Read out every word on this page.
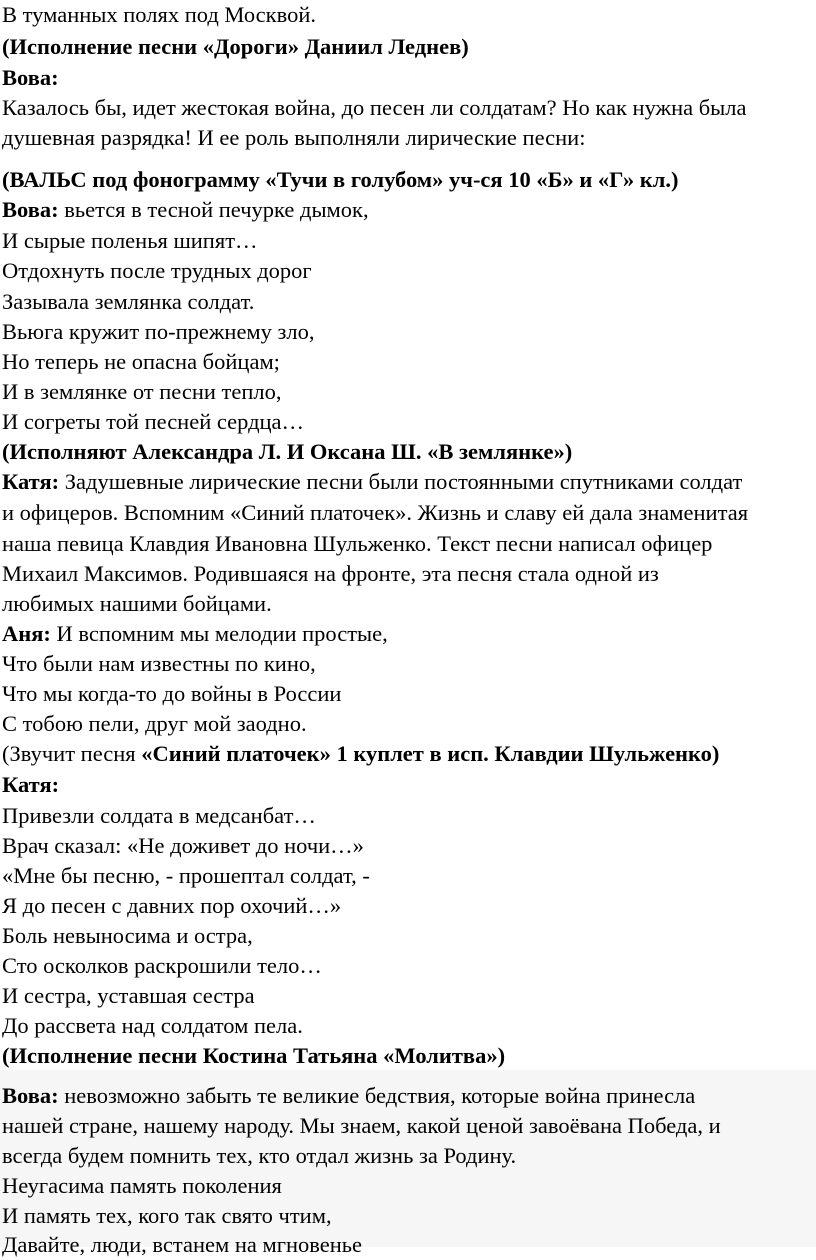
В туманных полях под Москвой.
(Исполнение песни «Дороги» Даниил Леднев)
Вова:
Казалось бы, идет жестокая война, до песен ли солдатам? Но как нужна была
душевная разрядка! И ее роль выполняли лирические песни:
(ВАЛЬС под фонограмму «Тучи в голубом» уч-ся 10 «Б» и «Г» кл.)
Вова: вьется в тесной печурке дымок,
И сырые поленья шипят…
Отдохнуть после трудных дорог
Зазывала землянка солдат.
Вьюга кружит по-прежнему зло,
Но теперь не опасна бойцам;
И в землянке от песни тепло,
И согреты той песней сердца…
(Исполняют Александра Л. И Оксана Ш. «В землянке»)
Катя: Задушевные лирические песни были постоянными спутниками солдат
и офицеров. Вспомним «Синий платочек». Жизнь и славу ей дала знаменитая
наша певица Клавдия Ивановна Шульженко. Текст песни написал офицер
Михаил Максимов. Родившаяся на фронте, эта песня стала одной из
любимых нашими бойцами.
Аня: И вспомним мы мелодии простые,
Что были нам известны по кино,
Что мы когда-то до войны в России
С тобою пели, друг мой заодно.
(Звучит песня «Синий платочек» 1 куплет в исп. Клавдии Шульженко)
Катя:
Привезли солдата в медсанбат…
Врач сказал: «Не доживет до ночи…»
«Мне бы песню, - прошептал солдат, -
Я до песен с давних пор охочий…»
Боль невыносима и остра,
Сто осколков раскрошили тело…
И сестра, уставшая сестра
До рассвета над солдатом пела.
(Исполнение песни Костина Татьяна «Молитва»)
Вова: невозможно забыть те великие бедствия, которые война принесла
нашей стране, нашему народу. Мы знаем, какой ценой завоёвана Победа, и
всегда будем помнить тех, кто отдал жизнь за Родину.
Неугасима память поколения
И память тех, кого так свято чтим,
Давайте, люди, встанем на мгновенье
